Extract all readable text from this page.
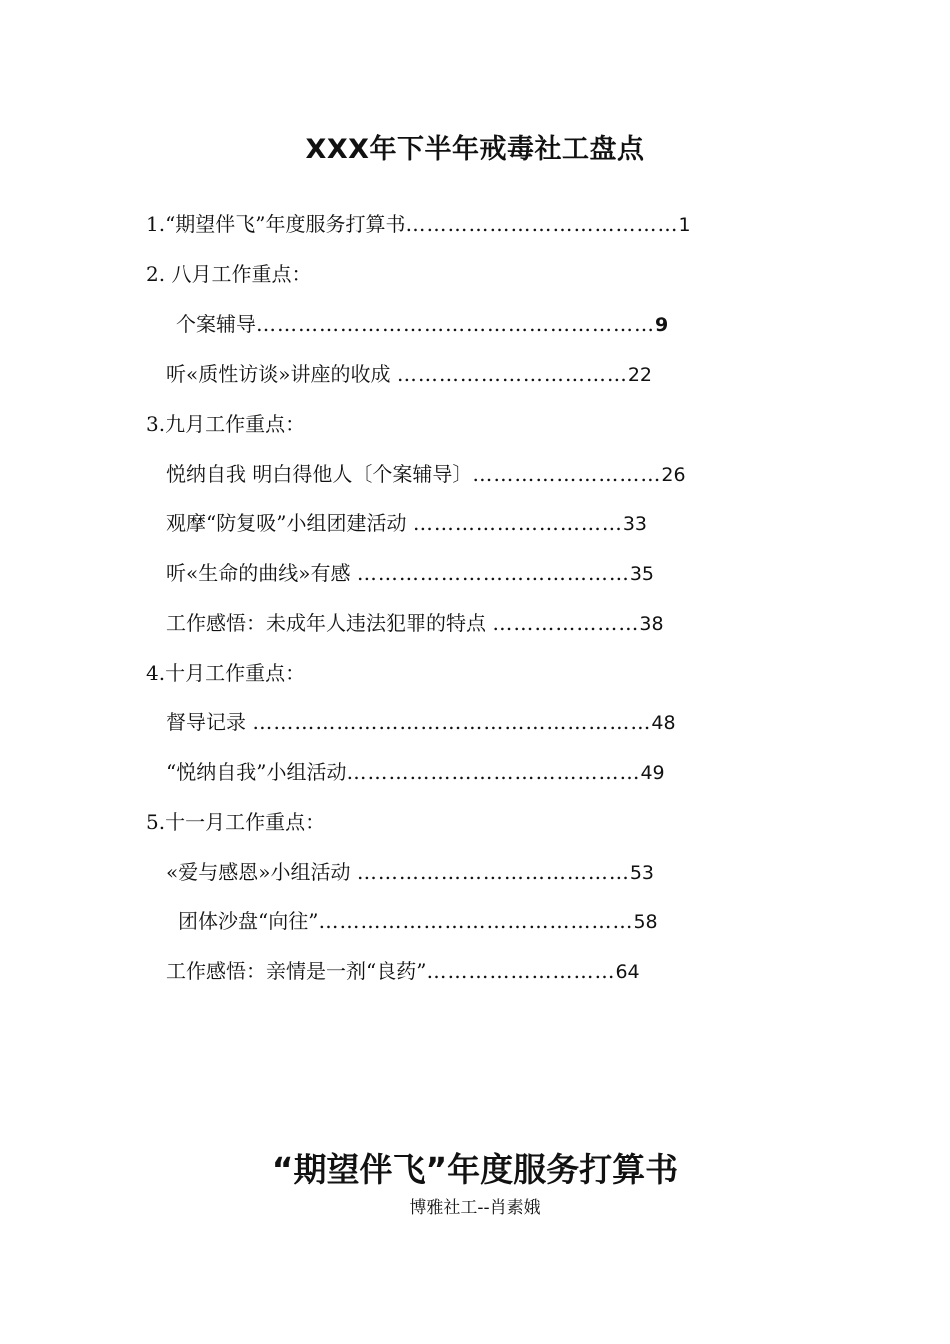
XXX年下半年戒毒社工盘点
1.“期望伴飞”年度服务打算书…………………………………1
2. 八月工作重点：
个案辅导…………………………………………………9
听«质性访谈»讲座的收成 ……………………………22
3.九月工作重点：
悦纳自我 明白得他人〔个案辅导〕………………………26
观摩“防复吸”小组团建活动 …………………………33
听«生命的曲线»有感 …………………………………35
工作感悟：未成年人违法犯罪的特点 …………………38
4.十月工作重点：
督导记录 …………………………………………………48
“悦纳自我”小组活动……………………………………49
5.十一月工作重点：
«爱与感恩»小组活动 …………………………………53
团体沙盘“向往”………………………………………58
工作感悟：亲情是一剂“良药”………………………64
“期望伴飞”年度服务打算书
博雅社工--肖素娥
